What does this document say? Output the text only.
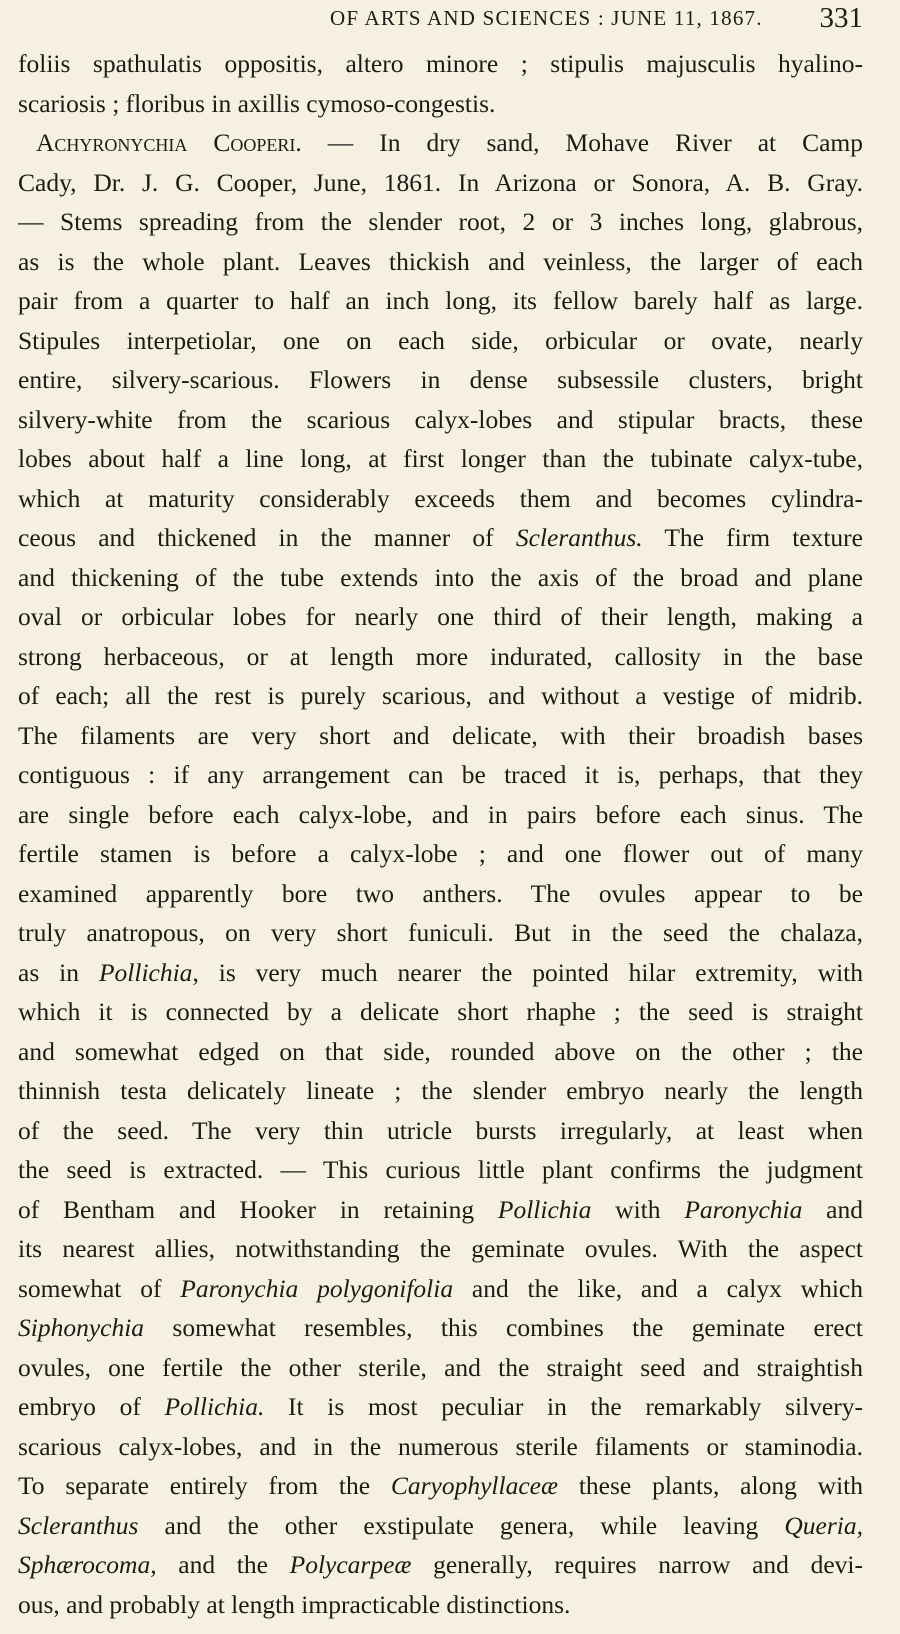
OF ARTS AND SCIENCES : JUNE 11, 1867. 331
foliis spathulatis oppositis, altero minore ; stipulis majusculis hyalino-
scariosis ; floribus in axillis cymoso-congestis.
Achyronychia Cooperi. — In dry sand, Mohave River at Camp
Cady, Dr. J. G. Cooper, June, 1861. In Arizona or Sonora, A. B. Gray.
— Stems spreading from the slender root, 2 or 3 inches long, glabrous,
as is the whole plant. Leaves thickish and veinless, the larger of each
pair from a quarter to half an inch long, its fellow barely half as large.
Stipules interpetiolar, one on each side, orbicular or ovate, nearly
entire, silvery-scarious. Flowers in dense subsessile clusters, bright
silvery-white from the scarious calyx-lobes and stipular bracts, these
lobes about half a line long, at first longer than the tubinate calyx-tube,
which at maturity considerably exceeds them and becomes cylindra-
ceous and thickened in the manner of Scleranthus. The firm texture
and thickening of the tube extends into the axis of the broad and plane
oval or orbicular lobes for nearly one third of their length, making a
strong herbaceous, or at length more indurated, callosity in the base
of each; all the rest is purely scarious, and without a vestige of midrib.
The filaments are very short and delicate, with their broadish bases
contiguous : if any arrangement can be traced it is, perhaps, that they
are single before each calyx-lobe, and in pairs before each sinus. The
fertile stamen is before a calyx-lobe ; and one flower out of many
examined apparently bore two anthers. The ovules appear to be
truly anatropous, on very short funiculi. But in the seed the chalaza,
as in Pollichia, is very much nearer the pointed hilar extremity, with
which it is connected by a delicate short rhaphe ; the seed is straight
and somewhat edged on that side, rounded above on the other ; the
thinnish testa delicately lineate ; the slender embryo nearly the length
of the seed. The very thin utricle bursts irregularly, at least when
the seed is extracted. — This curious little plant confirms the judgment
of Bentham and Hooker in retaining Pollichia with Paronychia and
its nearest allies, notwithstanding the geminate ovules. With the aspect
somewhat of Paronychia polygonifolia and the like, and a calyx which
Siphonychia somewhat resembles, this combines the geminate erect
ovules, one fertile the other sterile, and the straight seed and straightish
embryo of Pollichia. It is most peculiar in the remarkably silvery-
scarious calyx-lobes, and in the numerous sterile filaments or staminodia.
To separate entirely from the Caryophyllaceæ these plants, along with
Scleranthus and the other exstipulate genera, while leaving Queria,
Sphærocoma, and the Polycarpeæ generally, requires narrow and devi-
ous, and probably at length impracticable distinctions.
